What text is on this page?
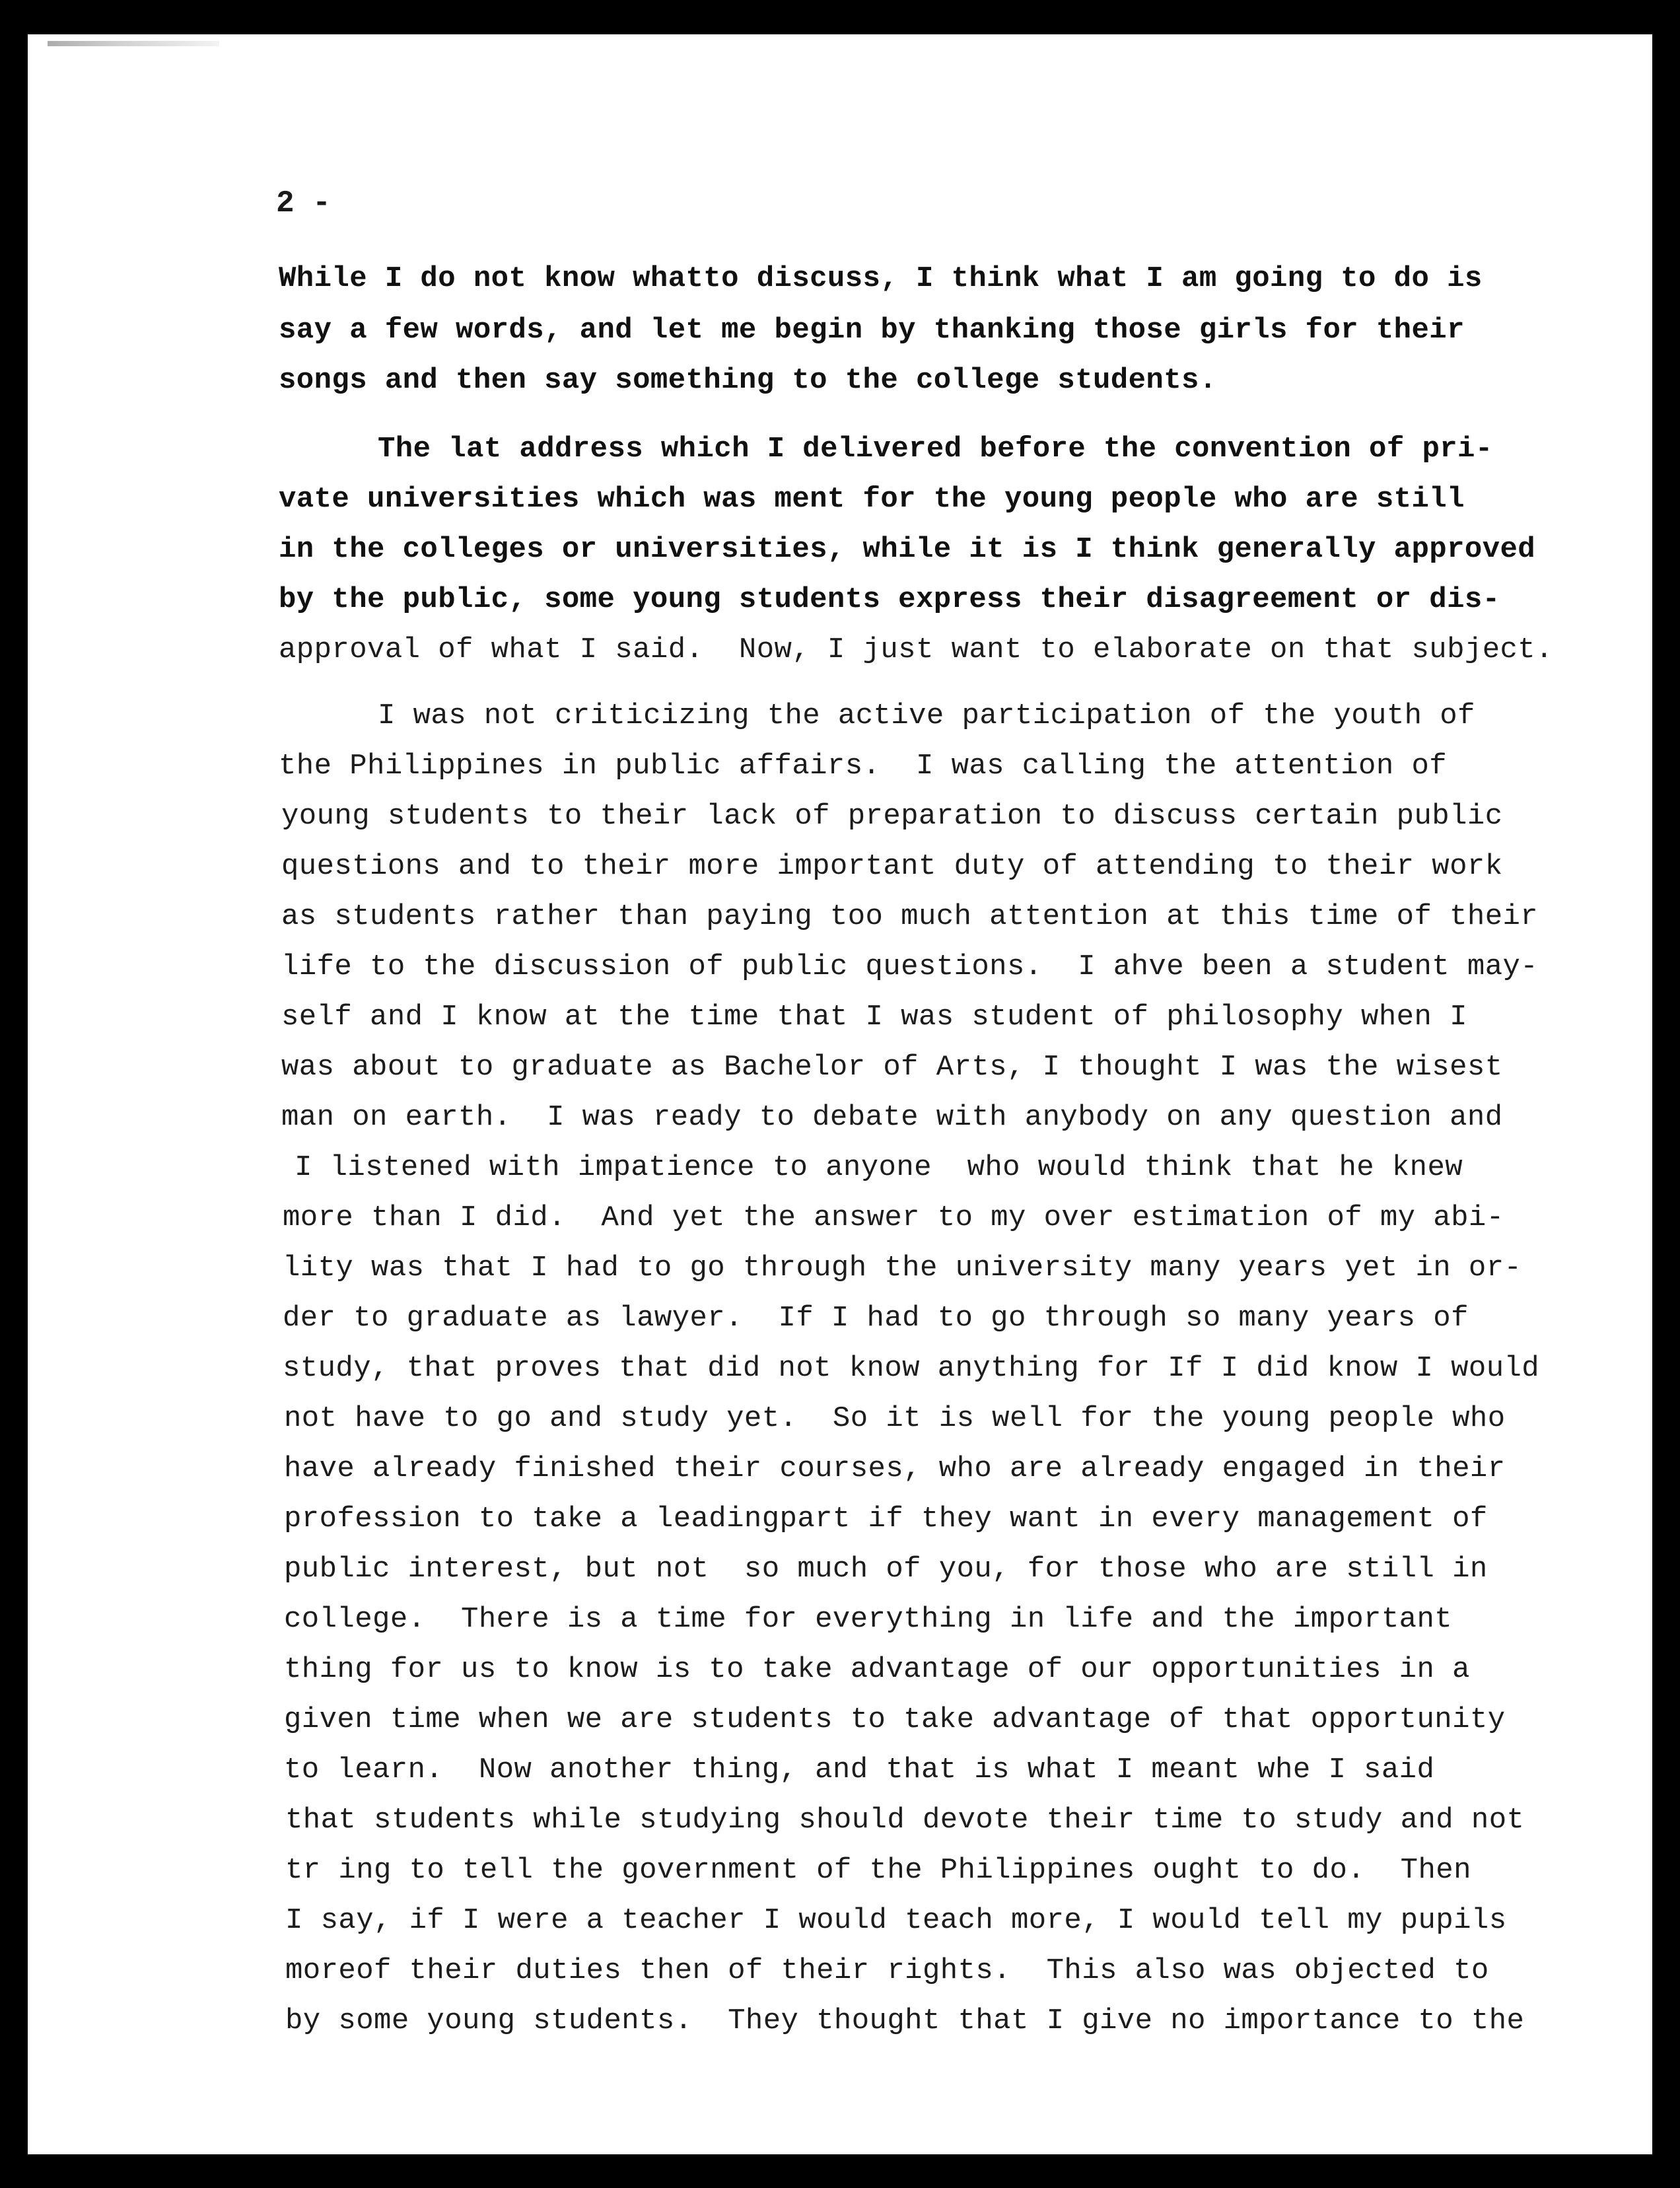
2 -
While I do not know whatto discuss, I think what I am going to do is
say a few words, and let me begin by thanking those girls for their
songs and then say something to the college students.
The lat address which I delivered before the convention of pri-
vate universities which was ment for the young people who are still
in the colleges or universities, while it is I think generally approved
by the public, some young students express their disagreement or dis-
approval of what I said.  Now, I just want to elaborate on that subject.
I was not criticizing the active participation of the youth of
the Philippines in public affairs.  I was calling the attention of
young students to their lack of preparation to discuss certain public
questions and to their more important duty of attending to their work
as students rather than paying too much attention at this time of their
life to the discussion of public questions.  I ahve been a student may-
self and I know at the time that I was student of philosophy when I
was about to graduate as Bachelor of Arts, I thought I was the wisest
man on earth.  I was ready to debate with anybody on any question and
I listened with impatience to anyone  who would think that he knew
more than I did.  And yet the answer to my over estimation of my abi-
lity was that I had to go through the university many years yet in or-
der to graduate as lawyer.  If I had to go through so many years of
study, that proves that did not know anything for If I did know I would
not have to go and study yet.  So it is well for the young people who
have already finished their courses, who are already engaged in their
profession to take a leadingpart if they want in every management of
public interest, but not  so much of you, for those who are still in
college.  There is a time for everything in life and the important
thing for us to know is to take advantage of our opportunities in a
given time when we are students to take advantage of that opportunity
to learn.  Now another thing, and that is what I meant whe I said
that students while studying should devote their time to study and not
tr ing to tell the government of the Philippines ought to do.  Then
I say, if I were a teacher I would teach more, I would tell my pupils
moreof their duties then of their rights.  This also was objected to
by some young students.  They thought that I give no importance to the
